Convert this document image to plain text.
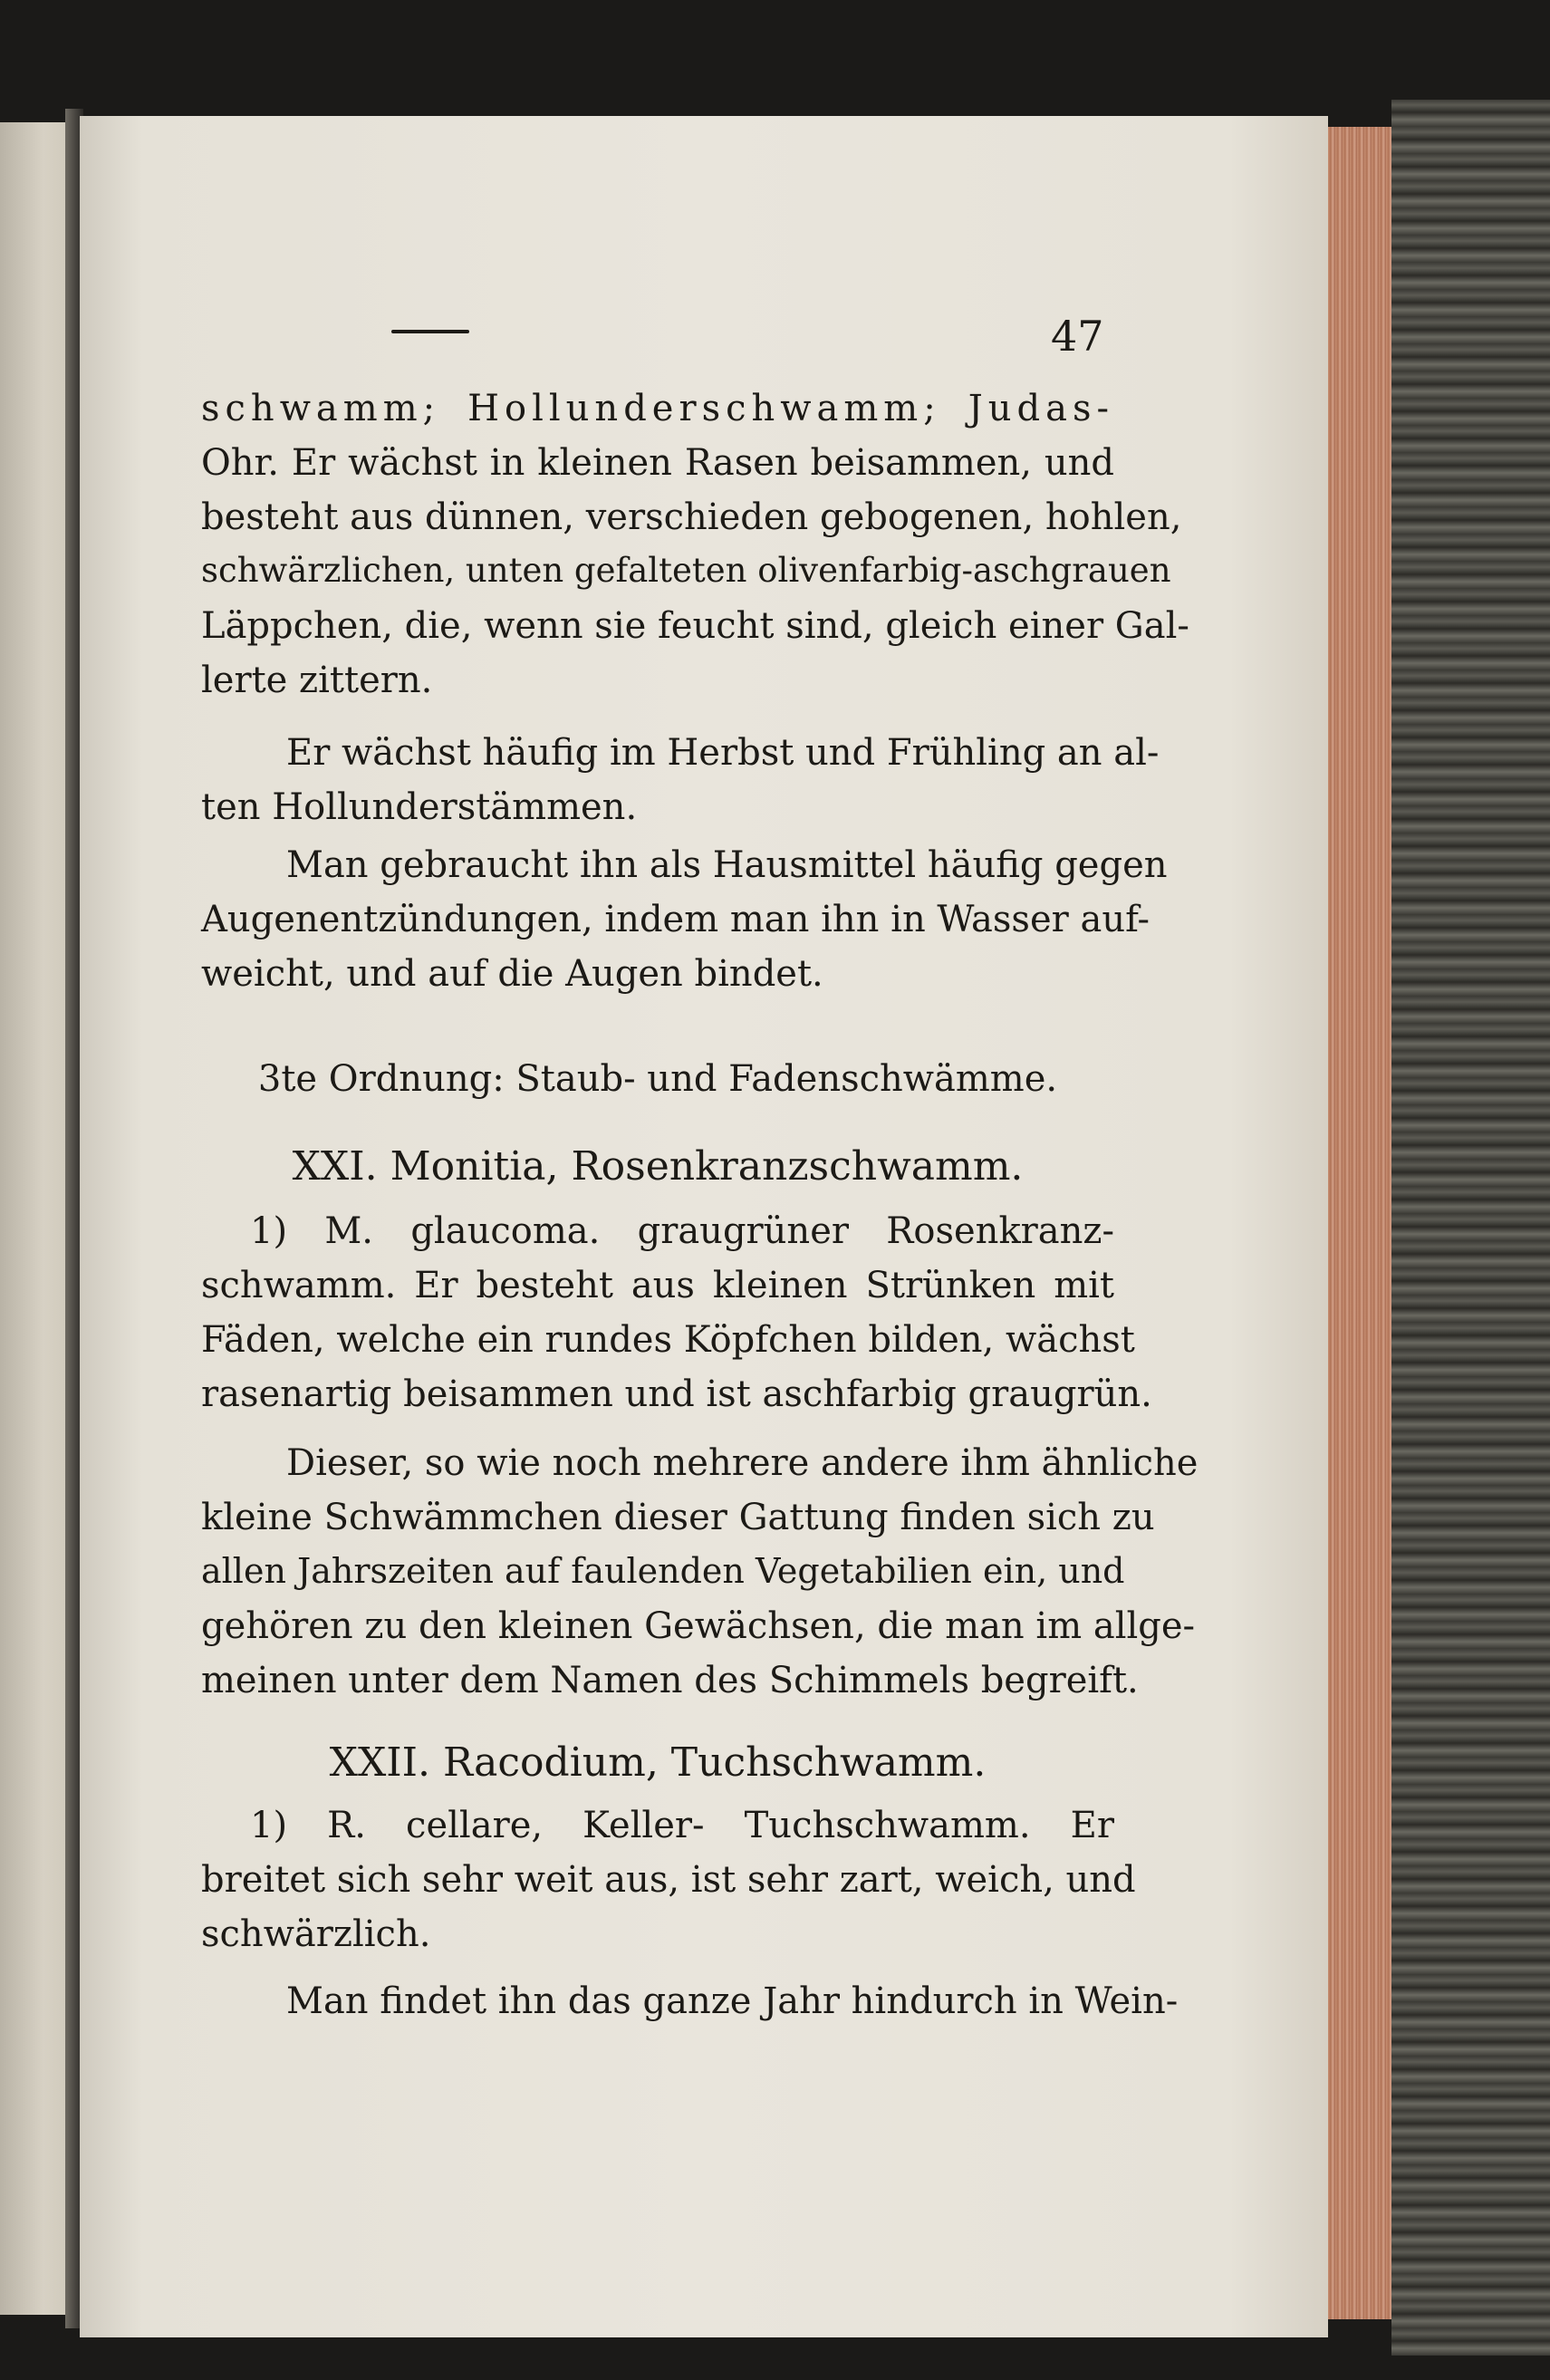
47
schwamm; Hollunderschwamm; Judas-
Ohr. Er wächst in kleinen Rasen beisammen, und
besteht aus dünnen, verschieden gebogenen, hohlen,
schwärzlichen, unten gefalteten olivenfarbig-aschgrauen
Läppchen, die, wenn sie feucht sind, gleich einer Gal-
lerte zittern.
Er wächst häufig im Herbst und Frühling an al-
ten Hollunderstämmen.
Man gebraucht ihn als Hausmittel häufig gegen
Augenentzündungen, indem man ihn in Wasser auf-
weicht, und auf die Augen bindet.
3te Ordnung: Staub- und Fadenschwämme.
XXI. Monitia, Rosenkranzschwamm.
1) M. glaucoma. graugrüner Rosenkranz-
schwamm. Er besteht aus kleinen Strünken mit
Fäden, welche ein rundes Köpfchen bilden, wächst
rasenartig beisammen und ist aschfarbig graugrün.
Dieser, so wie noch mehrere andere ihm ähnliche
kleine Schwämmchen dieser Gattung finden sich zu
allen Jahrszeiten auf faulenden Vegetabilien ein, und
gehören zu den kleinen Gewächsen, die man im allge-
meinen unter dem Namen des Schimmels begreift.
XXII. Racodium, Tuchschwamm.
1) R. cellare, Keller- Tuchschwamm. Er
breitet sich sehr weit aus, ist sehr zart, weich, und
schwärzlich.
Man findet ihn das ganze Jahr hindurch in Wein-
